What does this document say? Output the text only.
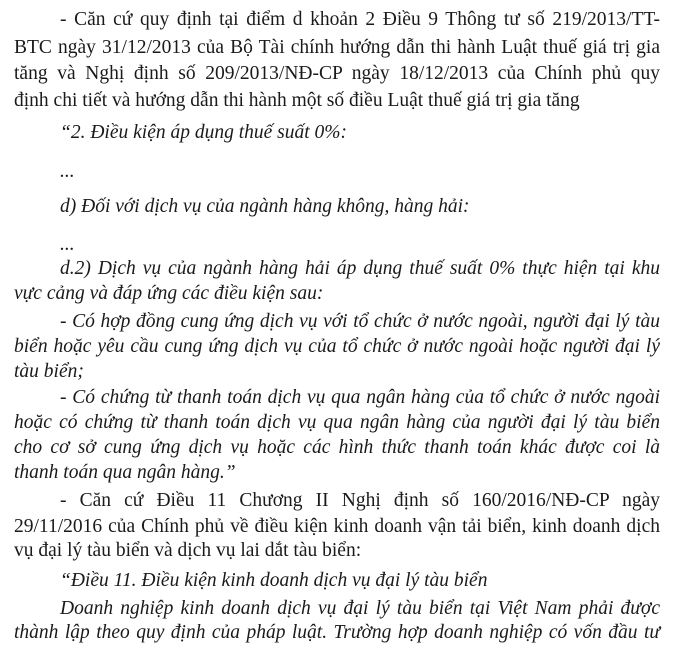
- Căn cứ quy định tại điểm d khoản 2 Điều 9 Thông tư số 219/2013/TT-
BTC ngày 31/12/2013 của Bộ Tài chính hướng dẫn thi hành Luật thuế giá trị gia
tăng và Nghị định số 209/2013/NĐ-CP ngày 18/12/2013 của Chính phủ quy
định chi tiết và hướng dẫn thi hành một số điều Luật thuế giá trị gia tăng
“2. Điều kiện áp dụng thuế suất 0%:
...
d) Đối với dịch vụ của ngành hàng không, hàng hải:
...
d.2) Dịch vụ của ngành hàng hải áp dụng thuế suất 0% thực hiện tại khu
vực cảng và đáp ứng các điều kiện sau:
- Có hợp đồng cung ứng dịch vụ với tổ chức ở nước ngoài, người đại lý tàu
biển hoặc yêu cầu cung ứng dịch vụ của tổ chức ở nước ngoài hoặc người đại lý
tàu biển;
- Có chứng từ thanh toán dịch vụ qua ngân hàng của tổ chức ở nước ngoài
hoặc có chứng từ thanh toán dịch vụ qua ngân hàng của người đại lý tàu biển
cho cơ sở cung ứng dịch vụ hoặc các hình thức thanh toán khác được coi là
thanh toán qua ngân hàng.”
- Căn cứ Điều 11 Chương II Nghị định số 160/2016/NĐ-CP ngày
29/11/2016 của Chính phủ về điều kiện kinh doanh vận tải biển, kinh doanh dịch
vụ đại lý tàu biển và dịch vụ lai dắt tàu biển:
“Điều 11. Điều kiện kinh doanh dịch vụ đại lý tàu biển
Doanh nghiệp kinh doanh dịch vụ đại lý tàu biển tại Việt Nam phải được
thành lập theo quy định của pháp luật. Trường hợp doanh nghiệp có vốn đầu tư
